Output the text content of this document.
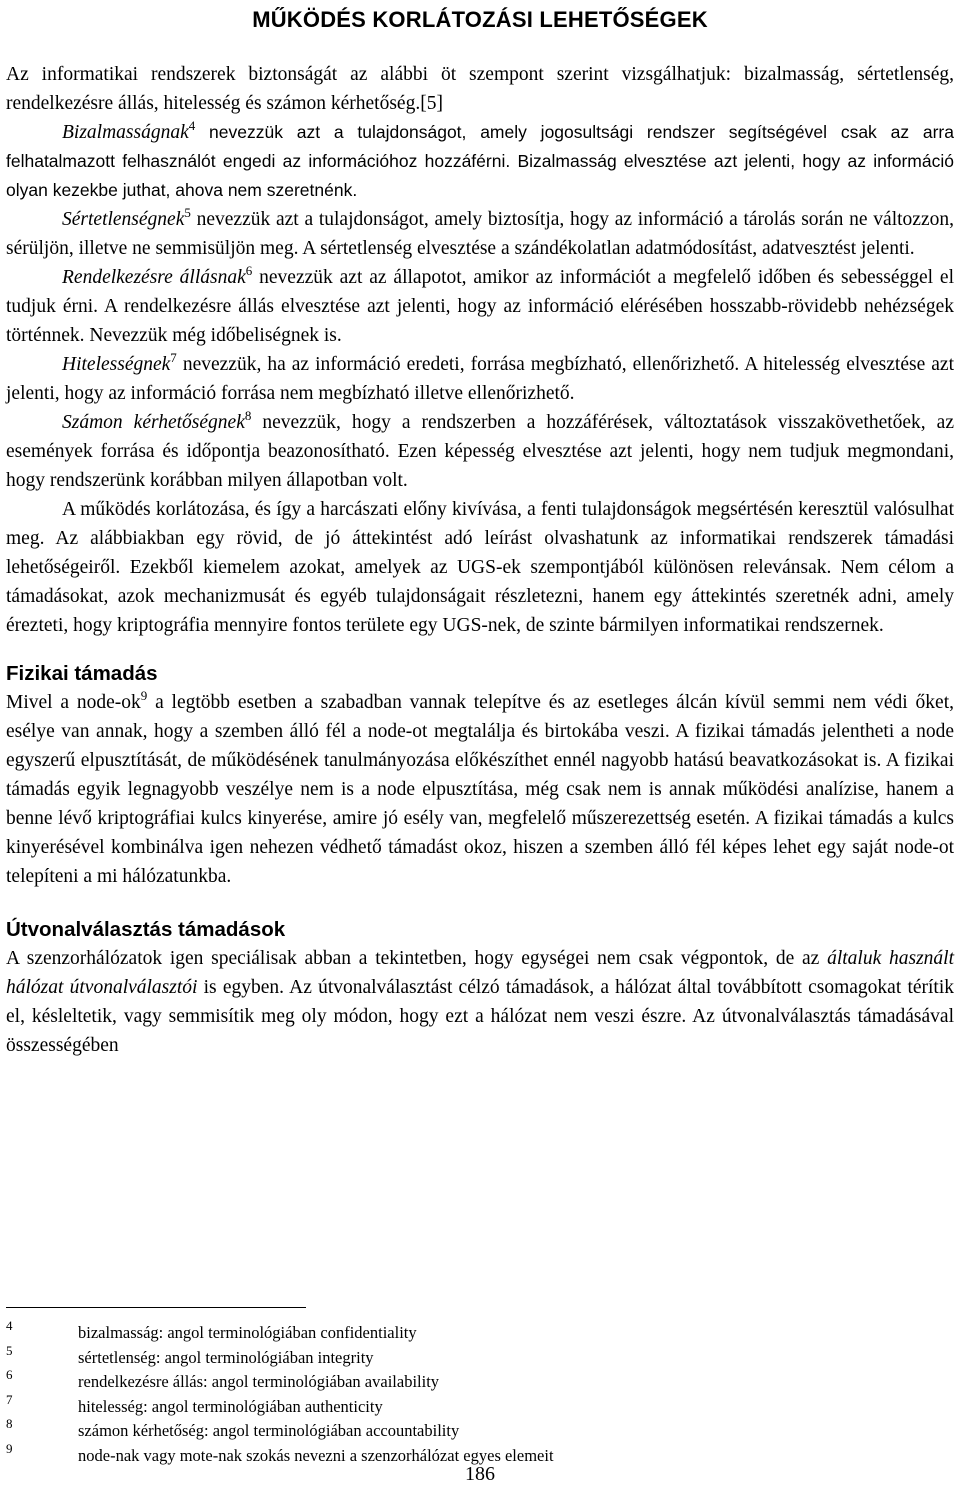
MŰKÖDÉS KORLÁTOZÁSI LEHETŐSÉGEK

Az informatikai rendszerek biztonságát az alábbi öt szempont szerint vizsgálhatjuk: bizalmasság, sértetlenség, rendelkezésre állás, hitelesség és számon kérhetőség.[5]

Bizalmasságnak$^4$ nevezzük azt a tulajdonságot, amely jogosultsági rendszer segítségével csak az arra felhatalmazott felhasználót engedi az információhoz hozzáférni. Bizalmasság elvesztése azt jelenti, hogy az információ olyan kezekbe juthat, ahova nem szeretnénk.

Sértetlenségnek$^5$ nevezzük azt a tulajdonságot, amely biztosítja, hogy az információ a tárolás során ne változzon, sérüljön, illetve ne semmisüljön meg. A sértetlenség elvesztése a szándékolatlan adatmódosítást, adatvesztést jelenti.

Rendelkezésre állásnak$^6$ nevezzük azt az állapotot, amikor az információt a megfelelő időben és sebességgel el tudjuk érni. A rendelkezésre állás elvesztése azt jelenti, hogy az információ elérésében hosszabb-rövidebb nehézségek történnek. Nevezzük még időbeliségnek is.

Hitelességnek$^7$ nevezzük, ha az információ eredeti, forrása megbízható, ellenőrizhető. A hitelesség elvesztése azt jelenti, hogy az információ forrása nem megbízható illetve ellenőrizhető.

Számon kérhetőségnek$^8$ nevezzük, hogy a rendszerben a hozzáférések, változtatások visszakövethetőek, az események forrása és időpontja beazonosítható. Ezen képesség elvesztése azt jelenti, hogy nem tudjuk megmondani, hogy rendszerünk korábban milyen állapotban volt.

A működés korlátozása, és így a harcászati előny kivívása, a fenti tulajdonságok megsértésén keresztül valósulhat meg. Az alábbiakban egy rövid, de jó áttekintést adó leírást olvashatunk az informatikai rendszerek támadási lehetőségeiről. Ezekből kiemelem azokat, amelyek az UGS-ek szempontjából különösen relevánsak. Nem célom a támadásokat, azok mechanizmusát és egyéb tulajdonságait részletezni, hanem egy áttekintés szeretnék adni, amely érezteti, hogy kriptográfia mennyire fontos területe egy UGS-nek, de szinte bármilyen informatikai rendszernek.

Fizikai támadás

Mivel a node-$ok^9$ a legtöbb esetben a szabadban vannak telepítve és az esetleges álcán kívül semmi nem védi őket, esélye van annak, hogy a szemben álló fél a node-ot megtalálja és birtokába veszi. A fizikai támadás jelentheti a node egyszerű elpusztítását, de működésének tanulmányozása előkészíthet ennél nagyobb hatású beavatkozásokat is. A fizikai támadás egyik legnagyobb veszélye nem is a node elpusztítása, még csak nem is annak működési analízise, hanem a benne lévő kriptográfiai kulcs kinyerése, amire jó esély van, megfelelő műszerezettség esetén. A fizikai támadás a kulcs kinyerésével kombinálva igen nehezen védhető támadást okoz, hiszen a szemben álló fél képes lehet egy saját node-ot telepíteni a mi hálózatunkba.

Útvonalválasztás támadások

A szenzorhálózatok igen speciálisak abban a tekintetben, hogy egységei nem csak végpontok, de az általuk használt hálózat útvonalválasztói is egyben. Az útvonalválasztást célzó támadások, a hálózat által továbbított csomagokat térítik el, késleltetik, vagy semmisítik meg oly módon, hogy ezt a hálózat nem veszi észre. Az útvonalválasztás támadásával összességében

4	bizalmasság: angol terminológiában confidentiality
5	sértetlenség: angol terminológiában integrity
6	rendelkezésre állás: angol terminológiában availability
7	hitelesség: angol terminológiában authenticity
8	számon kérhetőség: angol terminológiában accountability
9	node-nak vagy mote-nak szokás nevezni a szenzorhálózat egyes elemeit
186
